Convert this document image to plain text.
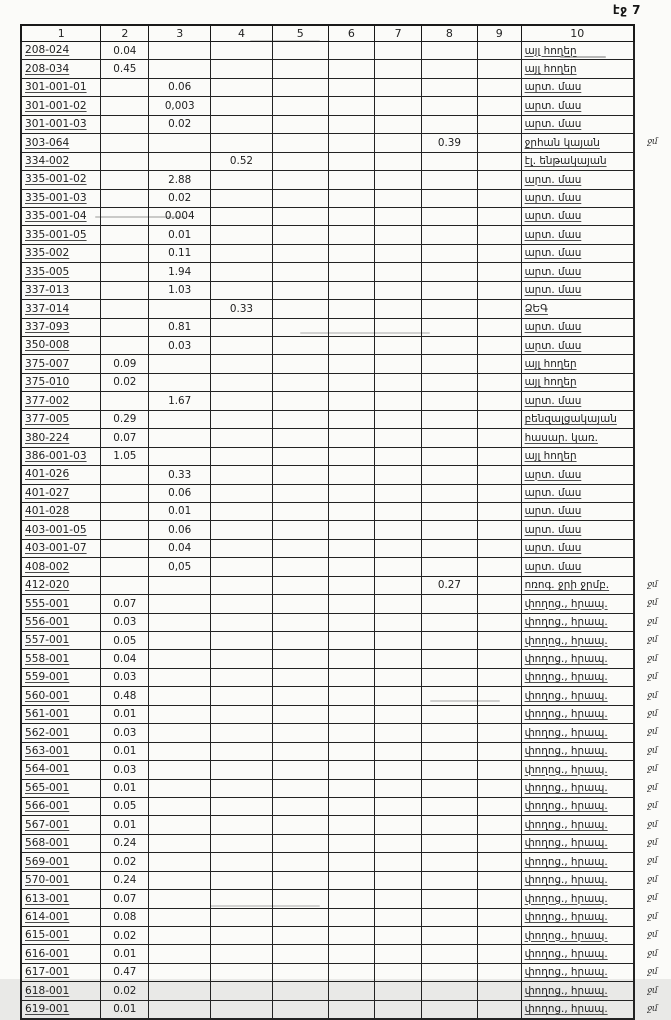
էջ 7
1	2	3	4	5	6	7	8	9	10	
208-024	0.04								այլ հողեր	
208-034	0.45								այլ հողեր	
301-001-01		0.06							արտ. մաս	
301-001-02		0,003							արտ. մաս	
301-001-03		0.02							արտ. մաս	
303-064							0.39		ջրհան կայան	ջմ
334-002			0.52						էլ. ենթակայան	
335-001-02		2.88							արտ. մաս	
335-001-03		0.02							արտ. մաս	
335-001-04		0.004							արտ. մաս	
335-001-05		0.01							արտ. մաս	
335-002		0.11							արտ. մաս	
335-005		1.94							արտ. մաս	
337-013		1.03							արտ. մաս	
337-014			0.33						ՁԵԳ	
337-093		0.81							արտ. մաս	
350-008		0.03							արտ. մաս	
375-007	0.09								այլ հողեր	
375-010	0.02								այլ հողեր	
377-002		1.67							արտ. մաս	
377-005	0.29								բենզալցակայան	
380-224	0.07								հասար. կառ.	
386-001-03	1.05								այլ հողեր	
401-026		0.33							արտ. մաս	
401-027		0.06							արտ. մաս	
401-028		0.01							արտ. մաս	
403-001-05		0.06							արտ. մաս	
403-001-07		0.04							արտ. մաս	
408-002		0,05							արտ. մաս	
412-020							0.27		ոռոգ. ջրի ջրմբ.	ջմ
555-001	0.07								փողոց., հրապ.	ջմ
556-001	0.03								փողոց., հրապ.	ջմ
557-001	0.05								փողոց., հրապ.	ջմ
558-001	0.04								փողոց., հրապ.	ջմ
559-001	0.03								փողոց., հրապ.	ջմ
560-001	0.48								փողոց., հրապ.	ջմ
561-001	0.01								փողոց., հրապ.	ջմ
562-001	0.03								փողոց., հրապ.	ջմ
563-001	0.01								փողոց., հրապ.	ջմ
564-001	0.03								փողոց., հրապ.	ջմ
565-001	0.01								փողոց., հրապ.	ջմ
566-001	0.05								փողոց., հրապ.	ջմ
567-001	0.01								փողոց., հրապ.	ջմ
568-001	0.24								փողոց., հրապ.	ջմ
569-001	0.02								փողոց., հրապ.	ջմ
570-001	0.24								փողոց., հրապ.	ջմ
613-001	0.07								փողոց., հրապ.	ջմ
614-001	0.08								փողոց., հրապ.	ջմ
615-001	0.02								փողոց., հրապ.	ջմ
616-001	0.01								փողոց., հրապ.	ջմ
617-001	0.47								փողոց., հրապ.	ջմ
618-001	0.02								փողոց., հրապ.	ջմ
619-001	0.01								փողոց., հրապ.	ջմ
